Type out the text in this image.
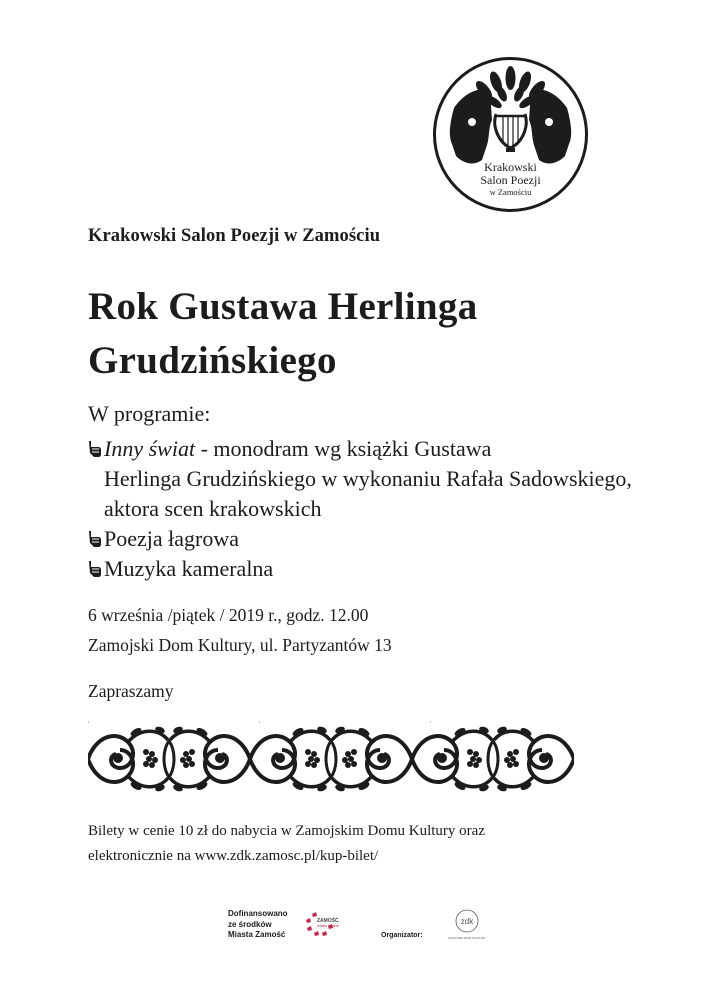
Krakowski
Salon Poezji
w Zamościu
Krakowski Salon Poezji w Zamościu
Rok Gustawa Herlinga
Grudzińskiego
W programie:
Inny świat - monodram wg książki Gustawa
Herlinga Grudzińskiego w wykonaniu Rafała Sadowskiego,
aktora scen krakowskich
Poezja łagrowa
Muzyka kameralna
6 września /piątek / 2019 r., godz. 12.00
Zamojski Dom Kultury, ul. Partyzantów 13
Zapraszamy
Bilety w cenie 10 zł do nabycia w Zamojskim Domu Kultury oraz
elektronicznie na www.zdk.zamosc.pl/kup-bilet/
Dofinansowano
ze środków
Miasta Zamość
ZAMOŚĆ
miasto idealne
Organizator:
zdk
ZAMOJSKI DOM KULTURY
